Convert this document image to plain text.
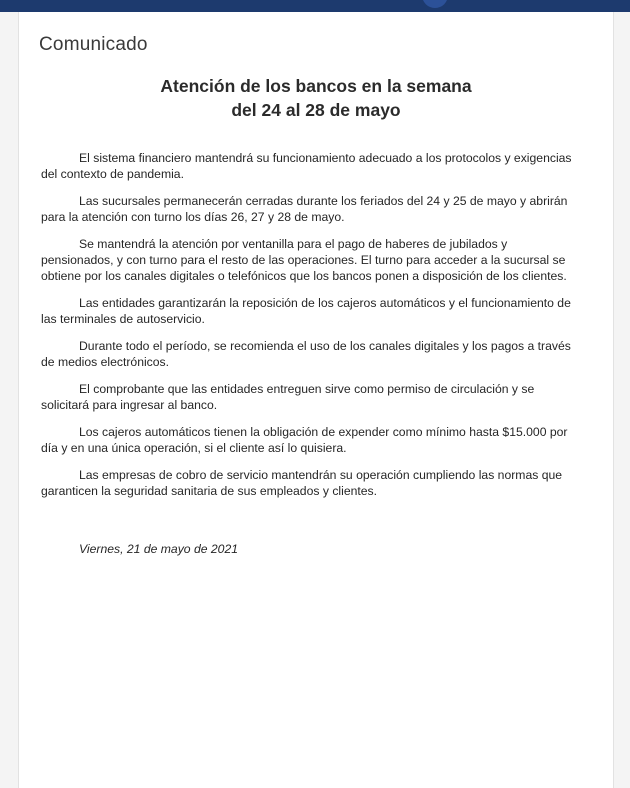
Comunicado
Atención de los bancos en la semana
del 24 al 28 de mayo

El sistema financiero mantendrá su funcionamiento adecuado a los protocolos y exigencias del contexto de pandemia.

Las sucursales permanecerán cerradas durante los feriados del 24 y 25 de mayo y abrirán para la atención con turno los días 26, 27 y 28 de mayo.

Se mantendrá la atención por ventanilla para el pago de haberes de jubilados y pensionados, y con turno para el resto de las operaciones. El turno para acceder a la sucursal se obtiene por los canales digitales o telefónicos que los bancos ponen a disposición de los clientes.

Las entidades garantizarán la reposición de los cajeros automáticos y el funcionamiento de las terminales de autoservicio.

Durante todo el período, se recomienda el uso de los canales digitales y los pagos a través de medios electrónicos.

El comprobante que las entidades entreguen sirve como permiso de circulación y se solicitará para ingresar al banco.

Los cajeros automáticos tienen la obligación de expender como mínimo hasta $15.000 por día y en una única operación, si el cliente así lo quisiera.

Las empresas de cobro de servicio mantendrán su operación cumpliendo las normas que garanticen la seguridad sanitaria de sus empleados y clientes.

Viernes, 21 de mayo de 2021
